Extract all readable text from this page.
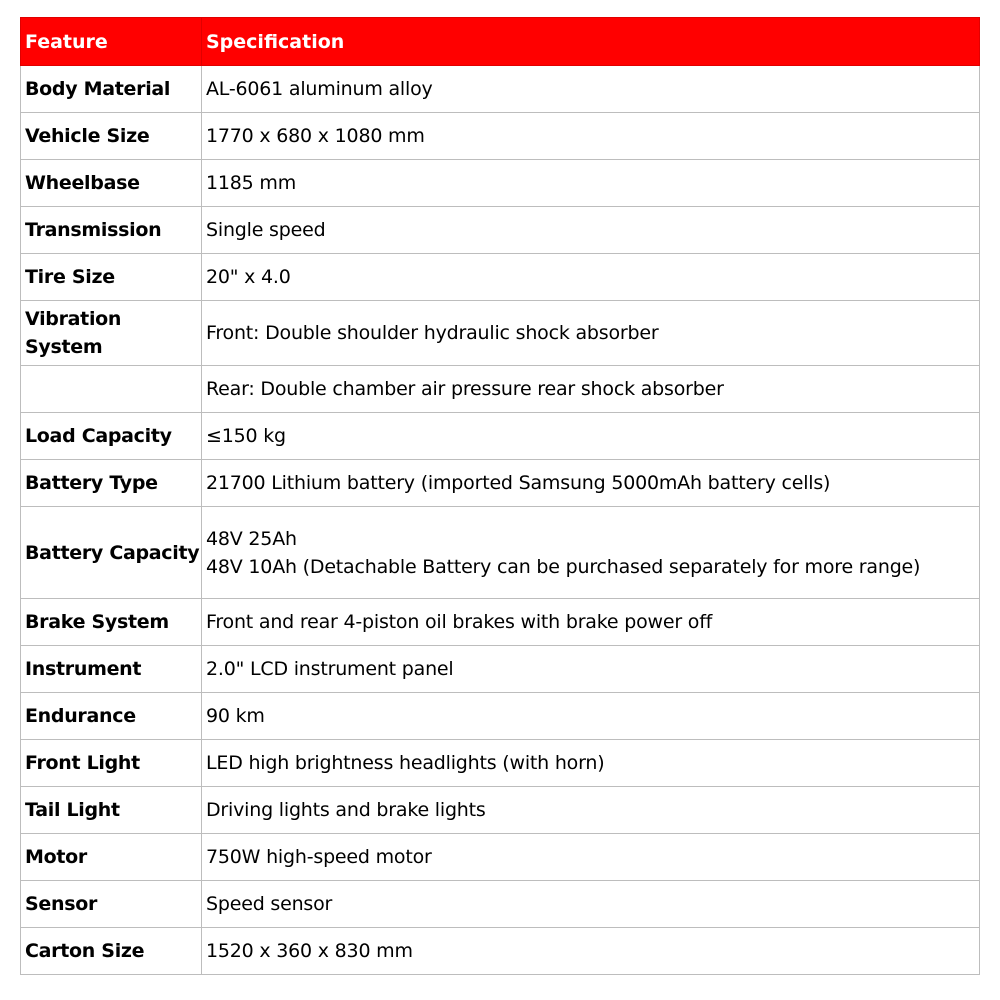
Feature	Specification
Body Material	AL-6061 aluminum alloy

Vehicle Size	1770 x 680 x 1080 mm

Wheelbase	1185 mm

Transmission	Single speed

Tire Size	20" x 4.0

Vibration System	Front: Double shoulder hydraulic shock absorber

	Rear: Double chamber air pressure rear shock absorber

Load Capacity	≤150 kg

Battery Type	21700 Lithium battery (imported Samsung 5000mAh battery cells)

Battery Capacity	48V 25Ah
48V 10Ah (Detachable Battery can be purchased separately for more range)

Brake System	Front and rear 4-piston oil brakes with brake power off

Instrument	2.0" LCD instrument panel

Endurance	90 km

Front Light	LED high brightness headlights (with horn)

Tail Light	Driving lights and brake lights

Motor	750W high-speed motor

Sensor	Speed sensor

Carton Size	1520 x 360 x 830 mm
